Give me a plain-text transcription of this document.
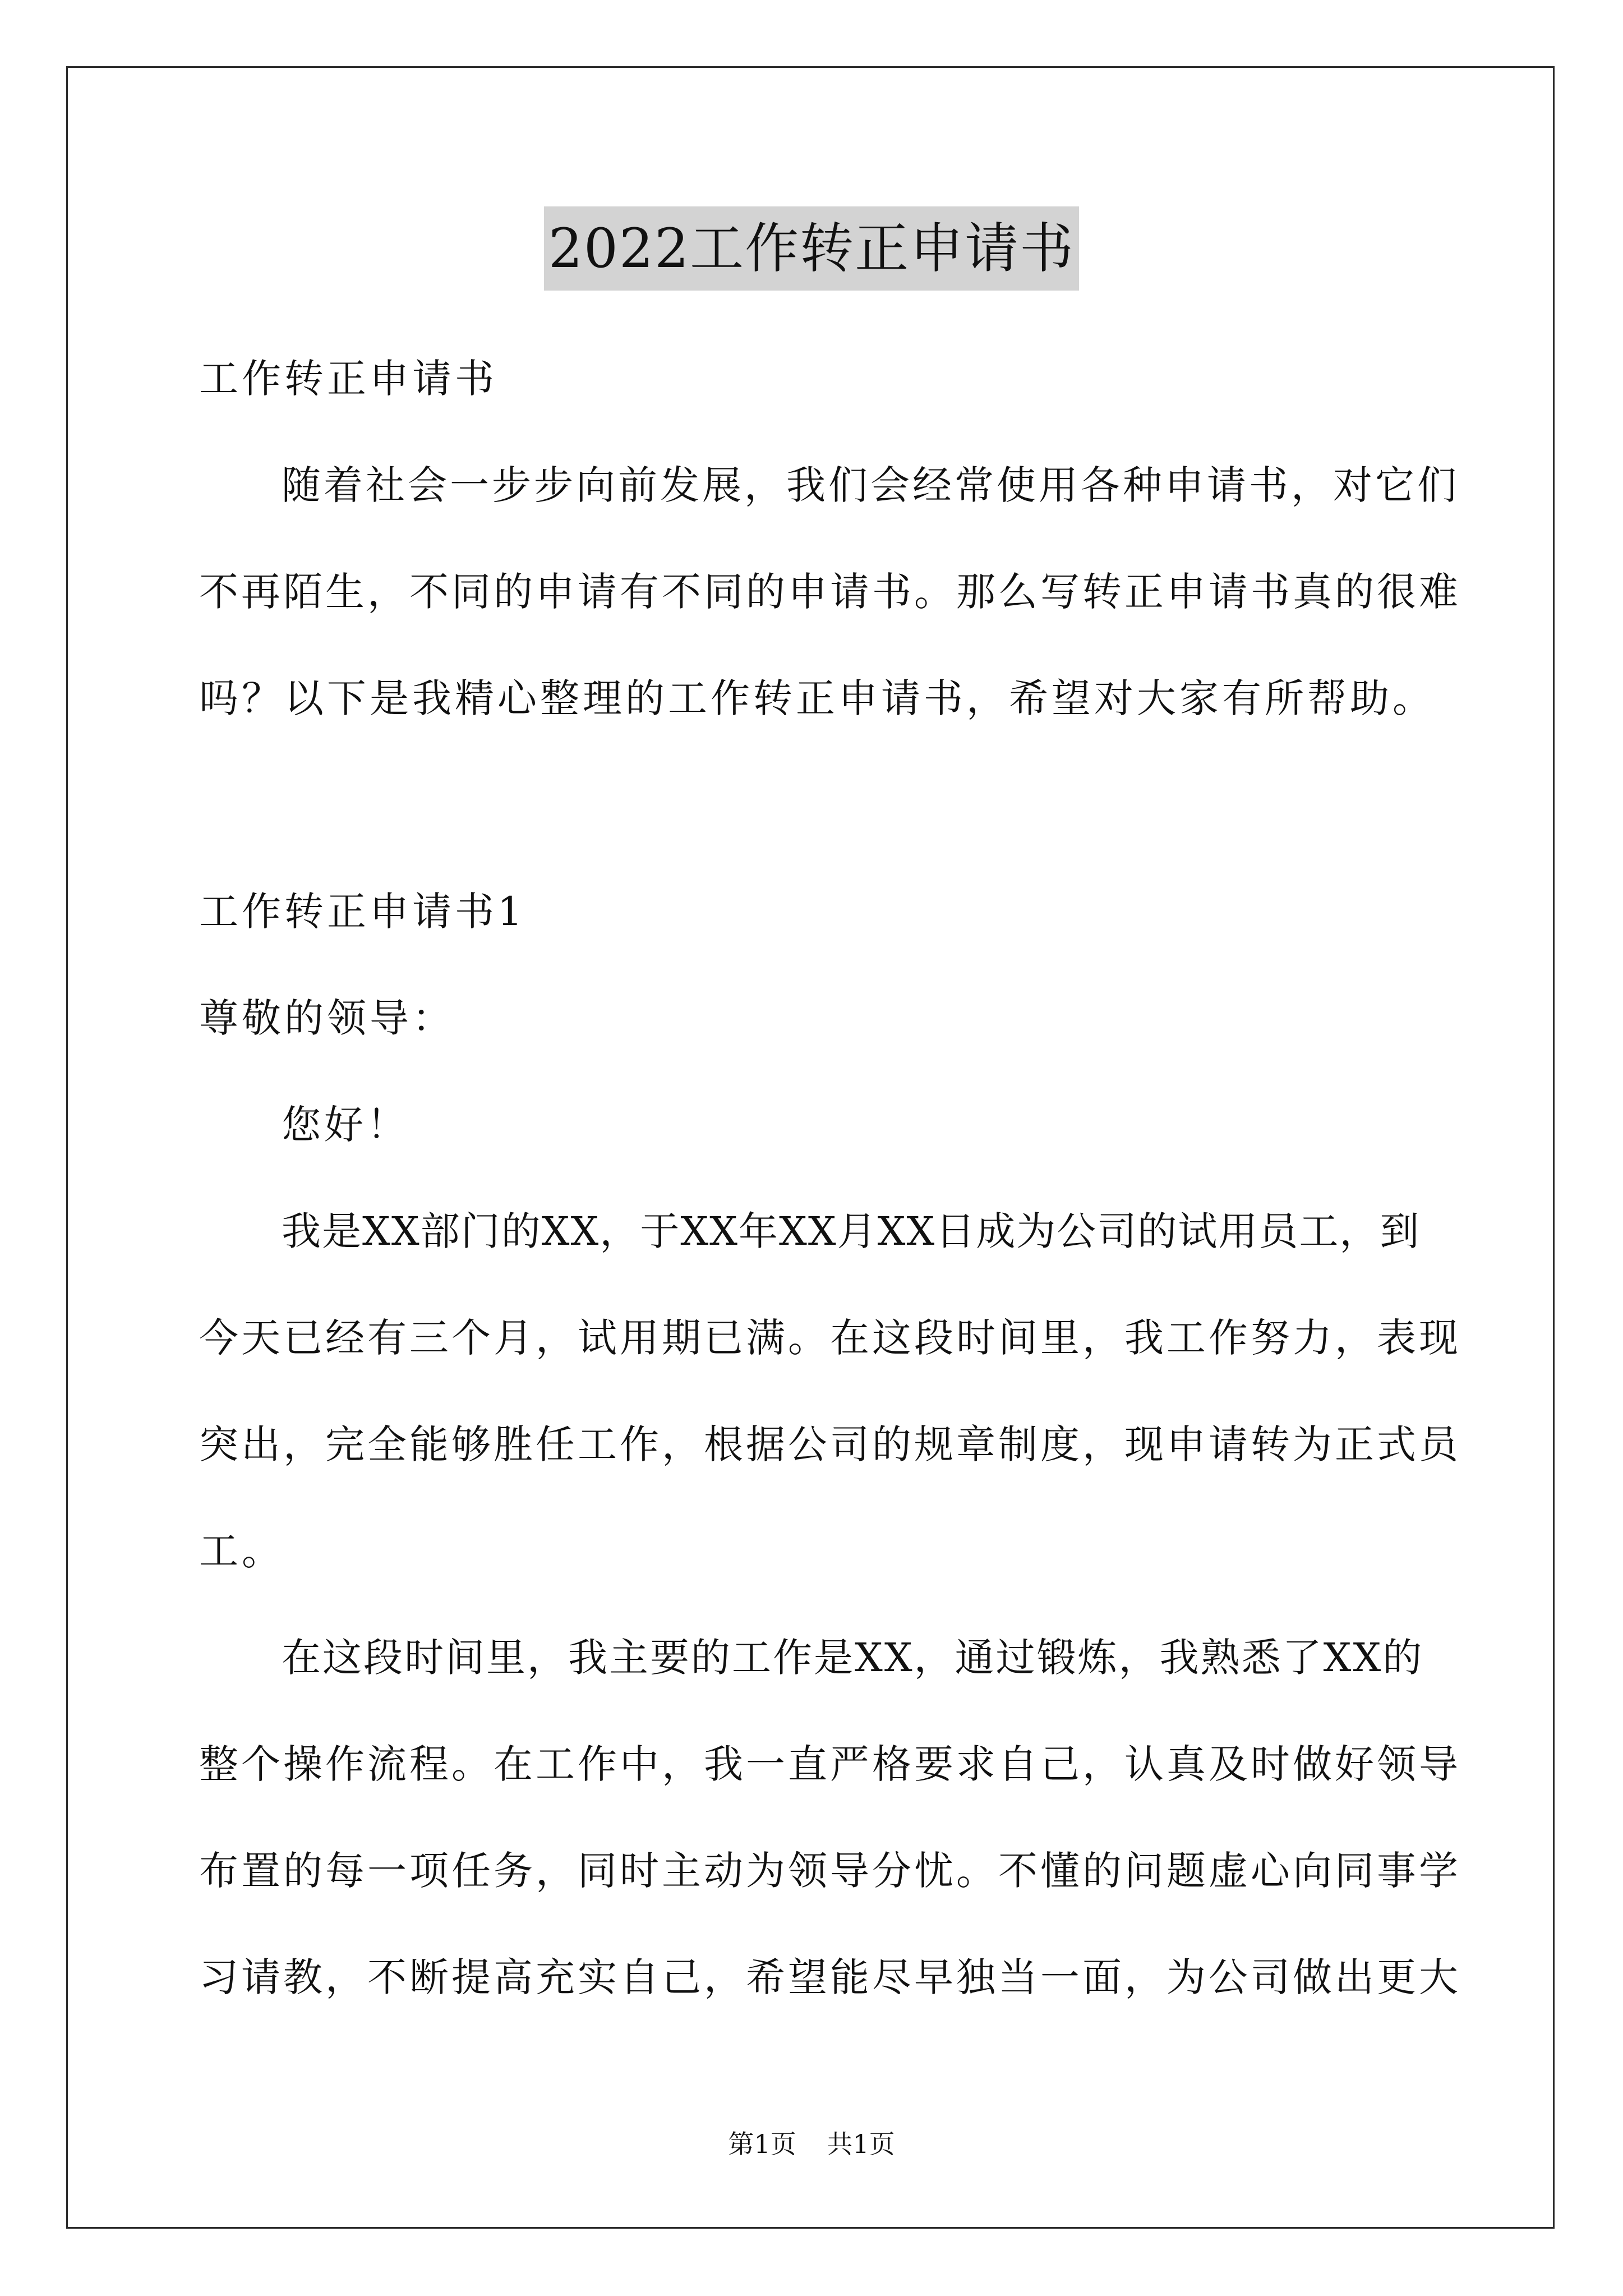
2022工作转正申请书
工作转正申请书
随着社会一步步向前发展，我们会经常使用各种申请书，对它们
不再陌生，不同的申请有不同的申请书。那么写转正申请书真的很难
吗？以下是我精心整理的工作转正申请书，希望对大家有所帮助。
工作转正申请书1
尊敬的领导：
您好！
我是XX部门的XX，于XX年XX月XX日成为公司的试用员工，到
今天已经有三个月，试用期已满。在这段时间里，我工作努力，表现
突出，完全能够胜任工作，根据公司的规章制度，现申请转为正式员
工。
在这段时间里，我主要的工作是XX，通过锻炼，我熟悉了XX的
整个操作流程。在工作中，我一直严格要求自己，认真及时做好领导
布置的每一项任务，同时主动为领导分忧。不懂的问题虚心向同事学
习请教，不断提高充实自己，希望能尽早独当一面，为公司做出更大
第1页 共1页
